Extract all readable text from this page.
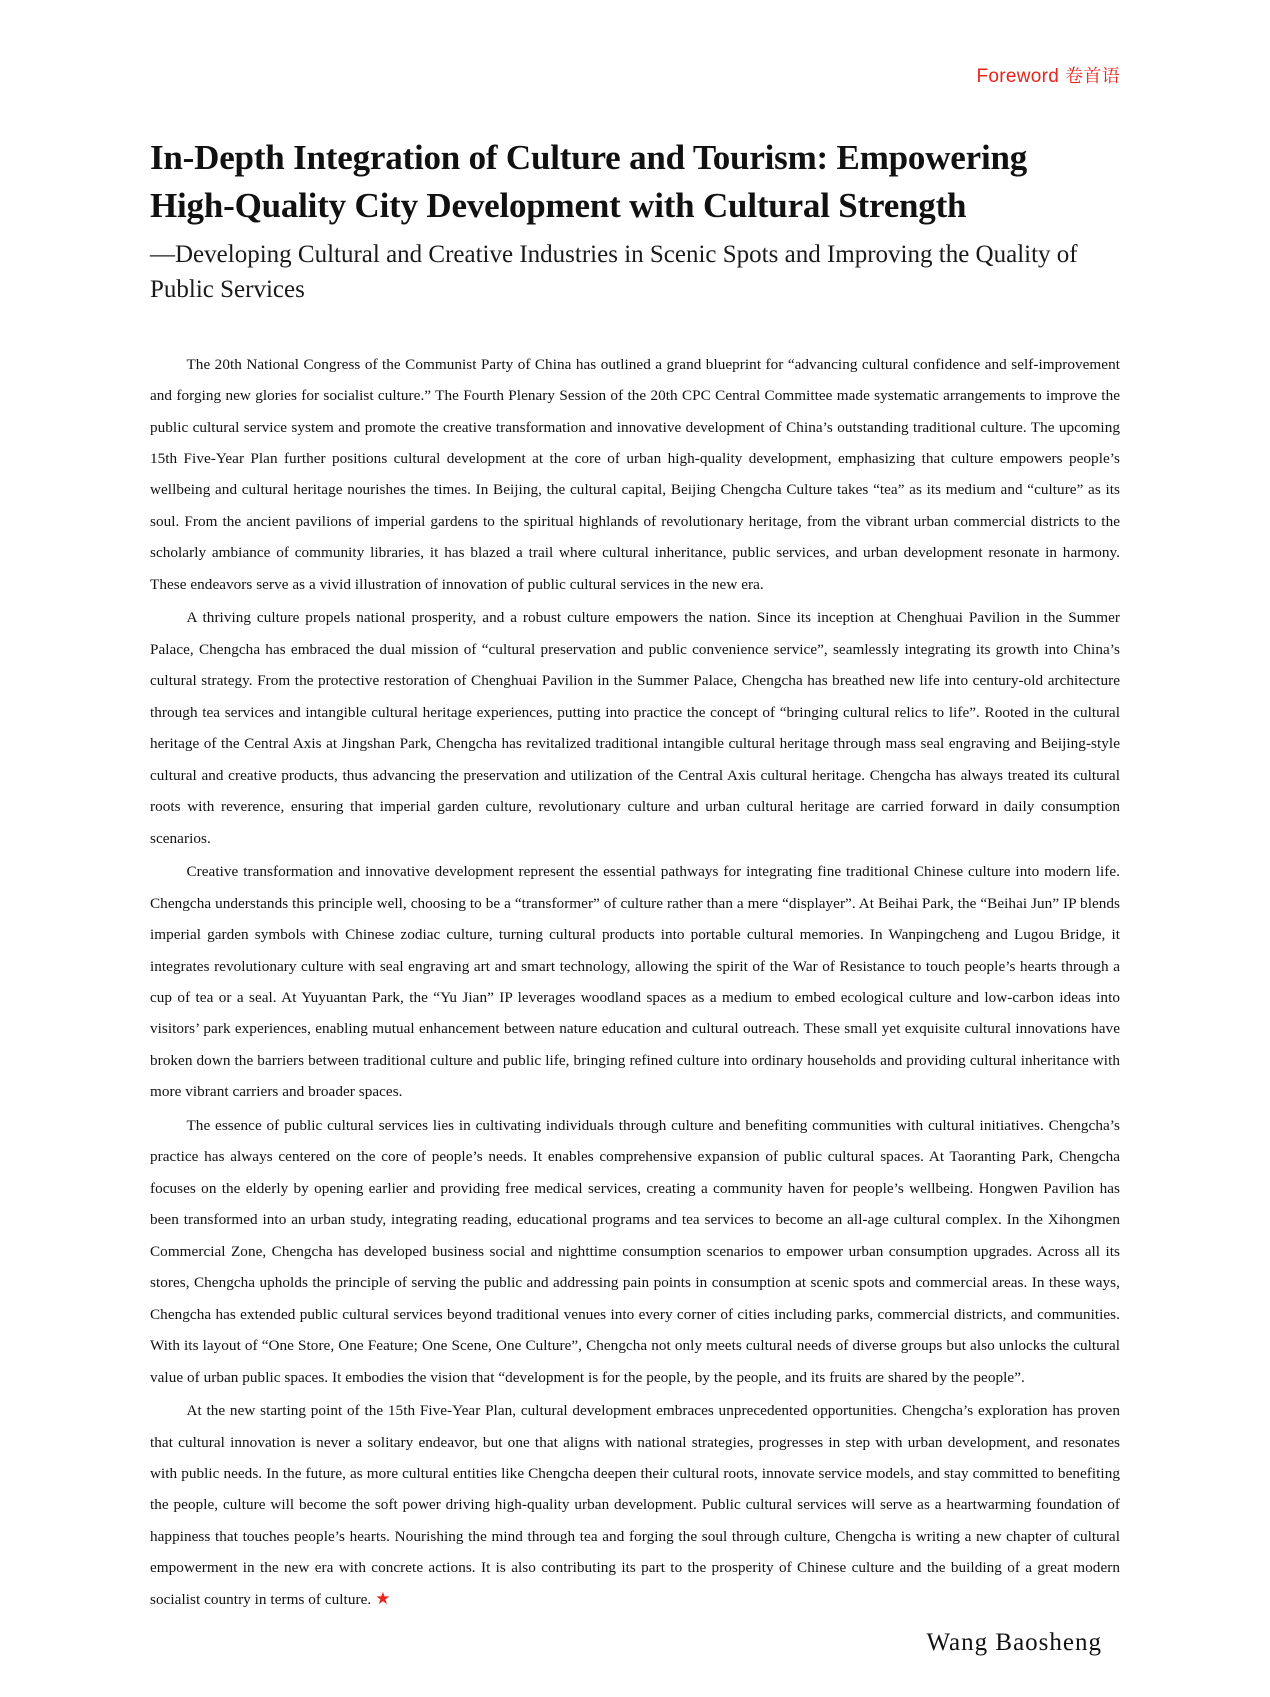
Foreword 卷首语
In-Depth Integration of Culture and Tourism: Empowering High-Quality City Development with Cultural Strength

—Developing Cultural and Creative Industries in Scenic Spots and Improving the Quality of Public Services

The 20th National Congress of the Communist Party of China has outlined a grand blueprint for “advancing cultural confidence and self-improvement and forging new glories for socialist culture.” The Fourth Plenary Session of the 20th CPC Central Committee made systematic arrangements to improve the public cultural service system and promote the creative transformation and innovative development of China’s outstanding traditional culture. The upcoming 15th Five-Year Plan further positions cultural development at the core of urban high-quality development, emphasizing that culture empowers people’s wellbeing and cultural heritage nourishes the times. In Beijing, the cultural capital, Beijing Chengcha Culture takes “tea” as its medium and “culture” as its soul. From the ancient pavilions of imperial gardens to the spiritual highlands of revolutionary heritage, from the vibrant urban commercial districts to the scholarly ambiance of community libraries, it has blazed a trail where cultural inheritance, public services, and urban development resonate in harmony. These endeavors serve as a vivid illustration of innovation of public cultural services in the new era.

A thriving culture propels national prosperity, and a robust culture empowers the nation. Since its inception at Chenghuai Pavilion in the Summer Palace, Chengcha has embraced the dual mission of “cultural preservation and public convenience service”, seamlessly integrating its growth into China’s cultural strategy. From the protective restoration of Chenghuai Pavilion in the Summer Palace, Chengcha has breathed new life into century-old architecture through tea services and intangible cultural heritage experiences, putting into practice the concept of “bringing cultural relics to life”. Rooted in the cultural heritage of the Central Axis at Jingshan Park, Chengcha has revitalized traditional intangible cultural heritage through mass seal engraving and Beijing-style cultural and creative products, thus advancing the preservation and utilization of the Central Axis cultural heritage. Chengcha has always treated its cultural roots with reverence, ensuring that imperial garden culture, revolutionary culture and urban cultural heritage are carried forward in daily consumption scenarios.

Creative transformation and innovative development represent the essential pathways for integrating fine traditional Chinese culture into modern life. Chengcha understands this principle well, choosing to be a “transformer” of culture rather than a mere “displayer”. At Beihai Park, the “Beihai Jun” IP blends imperial garden symbols with Chinese zodiac culture, turning cultural products into portable cultural memories. In Wanpingcheng and Lugou Bridge, it integrates revolutionary culture with seal engraving art and smart technology, allowing the spirit of the War of Resistance to touch people’s hearts through a cup of tea or a seal. At Yuyuantan Park, the “Yu Jian” IP leverages woodland spaces as a medium to embed ecological culture and low-carbon ideas into visitors’ park experiences, enabling mutual enhancement between nature education and cultural outreach. These small yet exquisite cultural innovations have broken down the barriers between traditional culture and public life, bringing refined culture into ordinary households and providing cultural inheritance with more vibrant carriers and broader spaces.

The essence of public cultural services lies in cultivating individuals through culture and benefiting communities with cultural initiatives. Chengcha’s practice has always centered on the core of people’s needs. It enables comprehensive expansion of public cultural spaces. At Taoranting Park, Chengcha focuses on the elderly by opening earlier and providing free medical services, creating a community haven for people’s wellbeing. Hongwen Pavilion has been transformed into an urban study, integrating reading, educational programs and tea services to become an all-age cultural complex. In the Xihongmen Commercial Zone, Chengcha has developed business social and nighttime consumption scenarios to empower urban consumption upgrades. Across all its stores, Chengcha upholds the principle of serving the public and addressing pain points in consumption at scenic spots and commercial areas. In these ways, Chengcha has extended public cultural services beyond traditional venues into every corner of cities including parks, commercial districts, and communities. With its layout of “One Store, One Feature; One Scene, One Culture”, Chengcha not only meets cultural needs of diverse groups but also unlocks the cultural value of urban public spaces. It embodies the vision that “development is for the people, by the people, and its fruits are shared by the people”.

At the new starting point of the 15th Five-Year Plan, cultural development embraces unprecedented opportunities. Chengcha’s exploration has proven that cultural innovation is never a solitary endeavor, but one that aligns with national strategies, progresses in step with urban development, and resonates with public needs. In the future, as more cultural entities like Chengcha deepen their cultural roots, innovate service models, and stay committed to benefiting the people, culture will become the soft power driving high-quality urban development. Public cultural services will serve as a heartwarming foundation of happiness that touches people’s hearts. Nourishing the mind through tea and forging the soul through culture, Chengcha is writing a new chapter of cultural empowerment in the new era with concrete actions. It is also contributing its part to the prosperity of Chinese culture and the building of a great modern socialist country in terms of culture. ★

Wang Baosheng
